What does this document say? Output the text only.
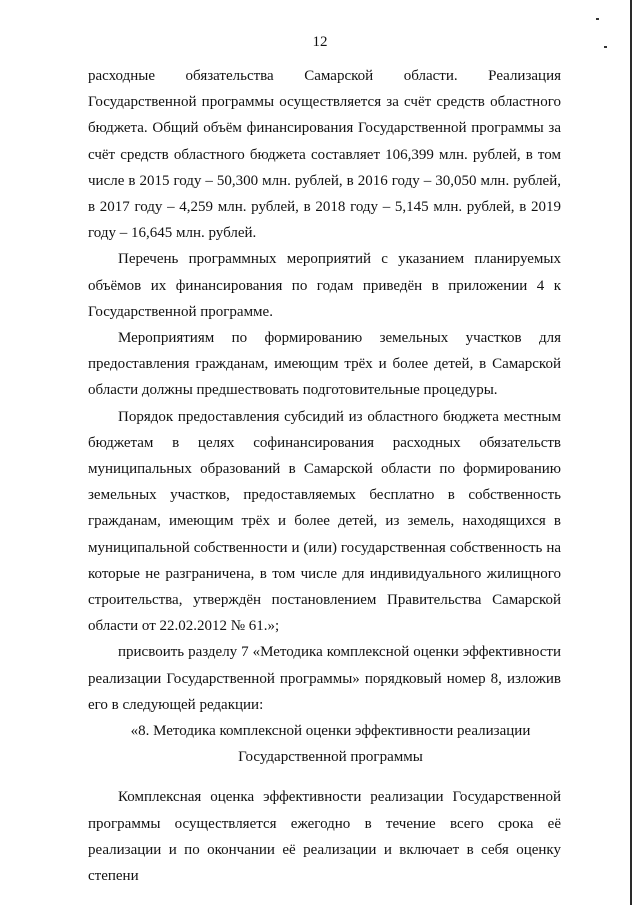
12

расходные обязательства Самарской области. Реализация Государственной программы осуществляется за счёт средств областного бюджета. Общий объём финансирования Государственной программы за счёт средств областного бюджета составляет 106,399 млн. рублей, в том числе в 2015 году – 50,300 млн. рублей, в 2016 году – 30,050 млн. рублей, в 2017 году – 4,259 млн. рублей, в 2018 году – 5,145 млн. рублей, в 2019 году – 16,645 млн. рублей.

Перечень программных мероприятий с указанием планируемых объёмов их финансирования по годам приведён в приложении 4 к Государственной программе.

Мероприятиям по формированию земельных участков для предоставления гражданам, имеющим трёх и более детей, в Самарской области должны предшествовать подготовительные процедуры.

Порядок предоставления субсидий из областного бюджета местным бюджетам в целях софинансирования расходных обязательств муниципальных образований в Самарской области по формированию земельных участков, предоставляемых бесплатно в собственность гражданам, имеющим трёх и более детей, из земель, находящихся в муниципальной собственности и (или) государственная собственность на которые не разграничена, в том числе для индивидуального жилищного строительства, утверждён постановлением Правительства Самарской области от 22.02.2012 № 61.»;

присвоить разделу 7 «Методика комплексной оценки эффективности реализации Государственной программы» порядковый номер 8, изложив его в следующей редакции:

«8. Методика комплексной оценки эффективности реализации
Государственной программы

Комплексная оценка эффективности реализации Государственной программы осуществляется ежегодно в течение всего срока её реализации и по окончании её реализации и включает в себя оценку степени
